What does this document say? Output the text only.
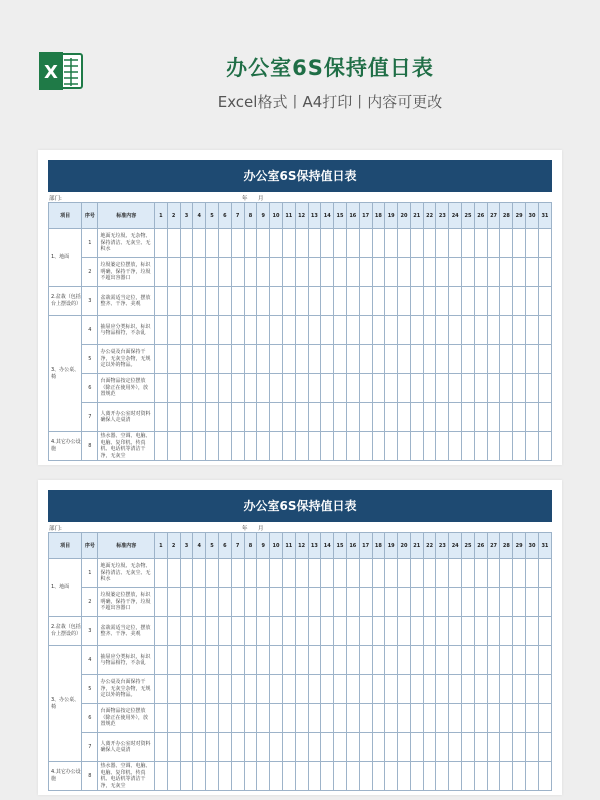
X	办公室6S保持值日表
Excel格式丨A4打印丨内容可更改
办公室6S保持值日表
部门:	年 月
项目	序号	标准内容	1	2	3	4	5	6	7	8	9	10	11	12	13	14	15	16	17	18	19	20	21	22	23	24	25	26	27	28	29	30	31
1、地面	1	地面无垃圾、无杂物、保持清洁、无灰尘、无积水																															
	2	垃圾篓定位摆放，标识明确，保持干净，垃圾不超出容器口																															
2.盆栽（包括台上摆设的）	3	盆栽需适当定位，摆放整齐、干净、美观																															
3、办公桌、椅	4	抽屉应分类标识，标识与物品相符，不杂乱																															
	5	办公桌及台面保持干净，无灰尘杂物，无规定以外的物品。																															
	6	台面物品按定位摆放（除正在使用外），放置规范																															
	7	人离开办公室时对资料确保人走桌清																															
4.其它办公设施	8	热水器、空调、电脑、电脑、复印机、传真机、电话机等清洁干净，无灰尘																															
办公室6S保持值日表
部门:	年 月
项目	序号	标准内容	1	2	3	4	5	6	7	8	9	10	11	12	13	14	15	16	17	18	19	20	21	22	23	24	25	26	27	28	29	30	31
1、地面	1	地面无垃圾、无杂物、保持清洁、无灰尘、无积水																															
	2	垃圾篓定位摆放，标识明确，保持干净，垃圾不超出容器口																															
2.盆栽（包括台上摆设的）	3	盆栽需适当定位，摆放整齐、干净、美观																															
3、办公桌、椅	4	抽屉应分类标识，标识与物品相符，不杂乱																															
	5	办公桌及台面保持干净，无灰尘杂物，无规定以外的物品。																															
	6	台面物品按定位摆放（除正在使用外），放置规范																															
	7	人离开办公室时对资料确保人走桌清																															
4.其它办公设施	8	热水器、空调、电脑、电脑、复印机、传真机、电话机等清洁干净，无灰尘																															
